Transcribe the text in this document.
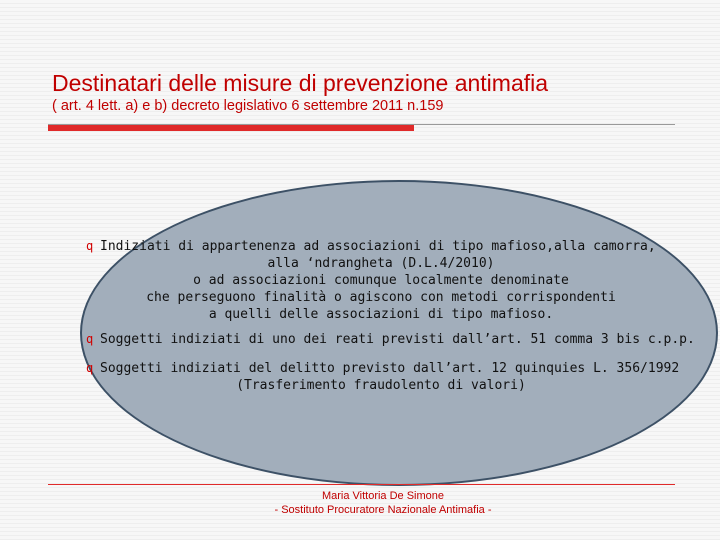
Destinatari delle misure di prevenzione antimafia
( art. 4 lett. a) e b) decreto legislativo 6 settembre 2011 n.159
q Indiziati di appartenenza ad associazioni di tipo mafioso,alla camorra,
alla ‘ndrangheta (D.L.4/2010)
o ad associazioni comunque localmente denominate
che perseguono finalità o agiscono con metodi corrispondenti
a quelli delle associazioni di tipo mafioso.
q Soggetti indiziati di uno dei reati previsti dall’art. 51 comma 3 bis c.p.p.
q Soggetti indiziati del delitto previsto dall’art. 12 quinquies L. 356/1992
(Trasferimento fraudolento di valori)
Maria Vittoria De Simone
- Sostituto Procuratore Nazionale Antimafia -
